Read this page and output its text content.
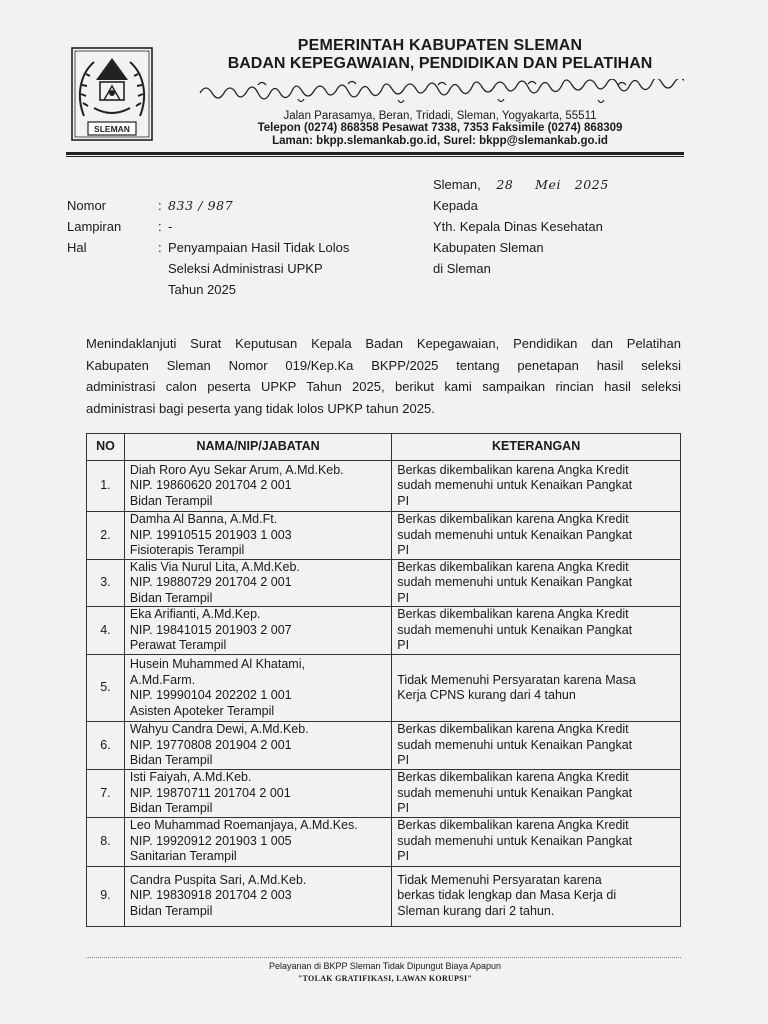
SLEMAN
PEMERINTAH KABUPATEN SLEMAN
BADAN KEPEGAWAIAN, PENDIDIKAN DAN PELATIHAN
Jalan Parasamya, Beran, Tridadi, Sleman, Yogyakarta, 55511
Telepon (0274) 868358 Pesawat 7338, 7353 Faksimile (0274) 868309
Laman: bkpp.slemankab.go.id, Surel: bkpp@slemankab.go.id
Nomor	: 833 / 987
Lampiran	: -
Hal	: Penyampaian Hasil Tidak Lolos
Seleksi Administrasi UPKP
Tahun 2025
Sleman, 28 Mei 2025
Kepada
Yth. Kepala Dinas Kesehatan
Kabupaten Sleman
di Sleman
Menindaklanjuti Surat Keputusan Kepala Badan Kepegawaian, Pendidikan dan Pelatihan
Kabupaten Sleman Nomor 019/Kep.Ka BKPP/2025 tentang penetapan hasil seleksi
administrasi calon peserta UPKP Tahun 2025, berikut kami sampaikan rincian hasil seleksi
administrasi bagi peserta yang tidak lolos UPKP tahun 2025.
NO	NAMA/NIP/JABATAN	KETERANGAN
1.	Diah Roro Ayu Sekar Arum, A.Md.Keb.
NIP. 19860620 201704 2 001
Bidan Terampil	Berkas dikembalikan karena Angka Kredit
sudah memenuhi untuk Kenaikan Pangkat
PI

2.	Damha Al Banna, A.Md.Ft.
NIP. 19910515 201903 1 003
Fisioterapis Terampil	Berkas dikembalikan karena Angka Kredit
sudah memenuhi untuk Kenaikan Pangkat
PI

3.	Kalis Via Nurul Lita, A.Md.Keb.
NIP. 19880729 201704 2 001
Bidan Terampil	Berkas dikembalikan karena Angka Kredit
sudah memenuhi untuk Kenaikan Pangkat
PI

4.	Eka Arifianti, A.Md.Kep.
NIP. 19841015 201903 2 007
Perawat Terampil	Berkas dikembalikan karena Angka Kredit
sudah memenuhi untuk Kenaikan Pangkat
PI

5.	Husein Muhammed Al Khatami,
A.Md.Farm.
NIP. 19990104 202202 1 001
Asisten Apoteker Terampil	Tidak Memenuhi Persyaratan karena Masa
Kerja CPNS kurang dari 4 tahun

6.	Wahyu Candra Dewi, A.Md.Keb.
NIP. 19770808 201904 2 001
Bidan Terampil	Berkas dikembalikan karena Angka Kredit
sudah memenuhi untuk Kenaikan Pangkat
PI

7.	Isti Faiyah, A.Md.Keb.
NIP. 19870711 201704 2 001
Bidan Terampil	Berkas dikembalikan karena Angka Kredit
sudah memenuhi untuk Kenaikan Pangkat
PI

8.	Leo Muhammad Roemanjaya, A.Md.Kes.
NIP. 19920912 201903 1 005
Sanitarian Terampil	Berkas dikembalikan karena Angka Kredit
sudah memenuhi untuk Kenaikan Pangkat
PI

9.	Candra Puspita Sari, A.Md.Keb.
NIP. 19830918 201704 2 003
Bidan Terampil	Tidak Memenuhi Persyaratan karena
berkas tidak lengkap dan Masa Kerja di
Sleman kurang dari 2 tahun.
Pelayanan di BKPP Sleman Tidak Dipungut Biaya Apapun
"TOLAK GRATIFIKASI, LAWAN KORUPSI"
